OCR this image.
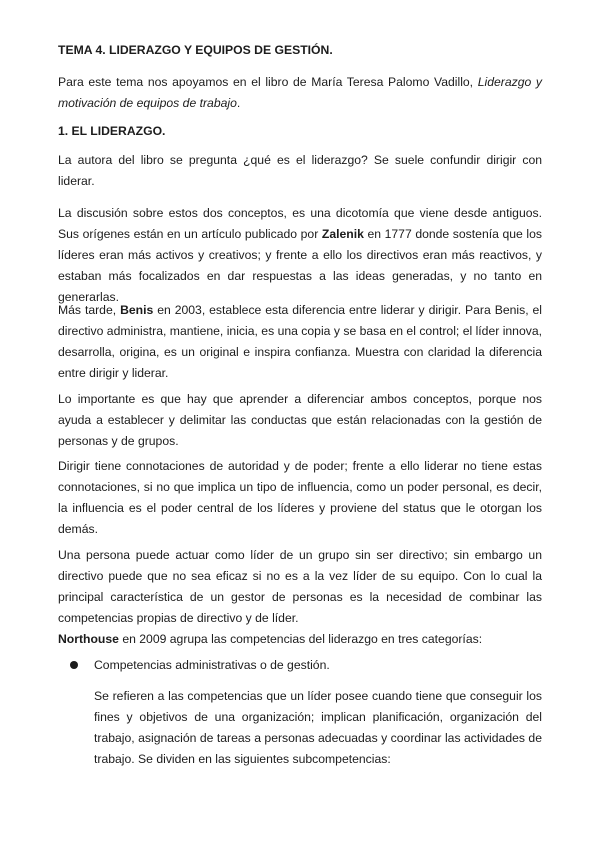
TEMA 4. LIDERAZGO Y EQUIPOS DE GESTIÓN.

Para este tema nos apoyamos en el libro de María Teresa Palomo Vadillo, Liderazgo y motivación de equipos de trabajo.

1. EL LIDERAZGO.

La autora del libro se pregunta ¿qué es el liderazgo? Se suele confundir dirigir con liderar.

La discusión sobre estos dos conceptos, es una dicotomía que viene desde antiguos. Sus orígenes están en un artículo publicado por Zalenik en 1777 donde sostenía que los líderes eran más activos y creativos; y frente a ello los directivos eran más reactivos, y estaban más focalizados en dar respuestas a las ideas generadas, y no tanto en generarlas.

Más tarde, Benis en 2003, establece esta diferencia entre liderar y dirigir. Para Benis, el directivo administra, mantiene, inicia, es una copia y se basa en el control; el líder innova, desarrolla, origina, es un original e inspira confianza. Muestra con claridad la diferencia entre dirigir y liderar.

Lo importante es que hay que aprender a diferenciar ambos conceptos, porque nos ayuda a establecer y delimitar las conductas que están relacionadas con la gestión de personas y de grupos.

Dirigir tiene connotaciones de autoridad y de poder; frente a ello liderar no tiene estas connotaciones, si no que implica un tipo de influencia, como un poder personal, es decir, la influencia es el poder central de los líderes y proviene del status que le otorgan los demás.

Una persona puede actuar como líder de un grupo sin ser directivo; sin embargo un directivo puede que no sea eficaz si no es a la vez líder de su equipo. Con lo cual la principal característica de un gestor de personas es la necesidad de combinar las competencias propias de directivo y de líder.

Northouse en 2009 agrupa las competencias del liderazgo en tres categorías:

Competencias administrativas o de gestión.

Se refieren a las competencias que un líder posee cuando tiene que conseguir los fines y objetivos de una organización; implican planificación, organización del trabajo, asignación de tareas a personas adecuadas y coordinar las actividades de trabajo. Se dividen en las siguientes subcompetencias:
